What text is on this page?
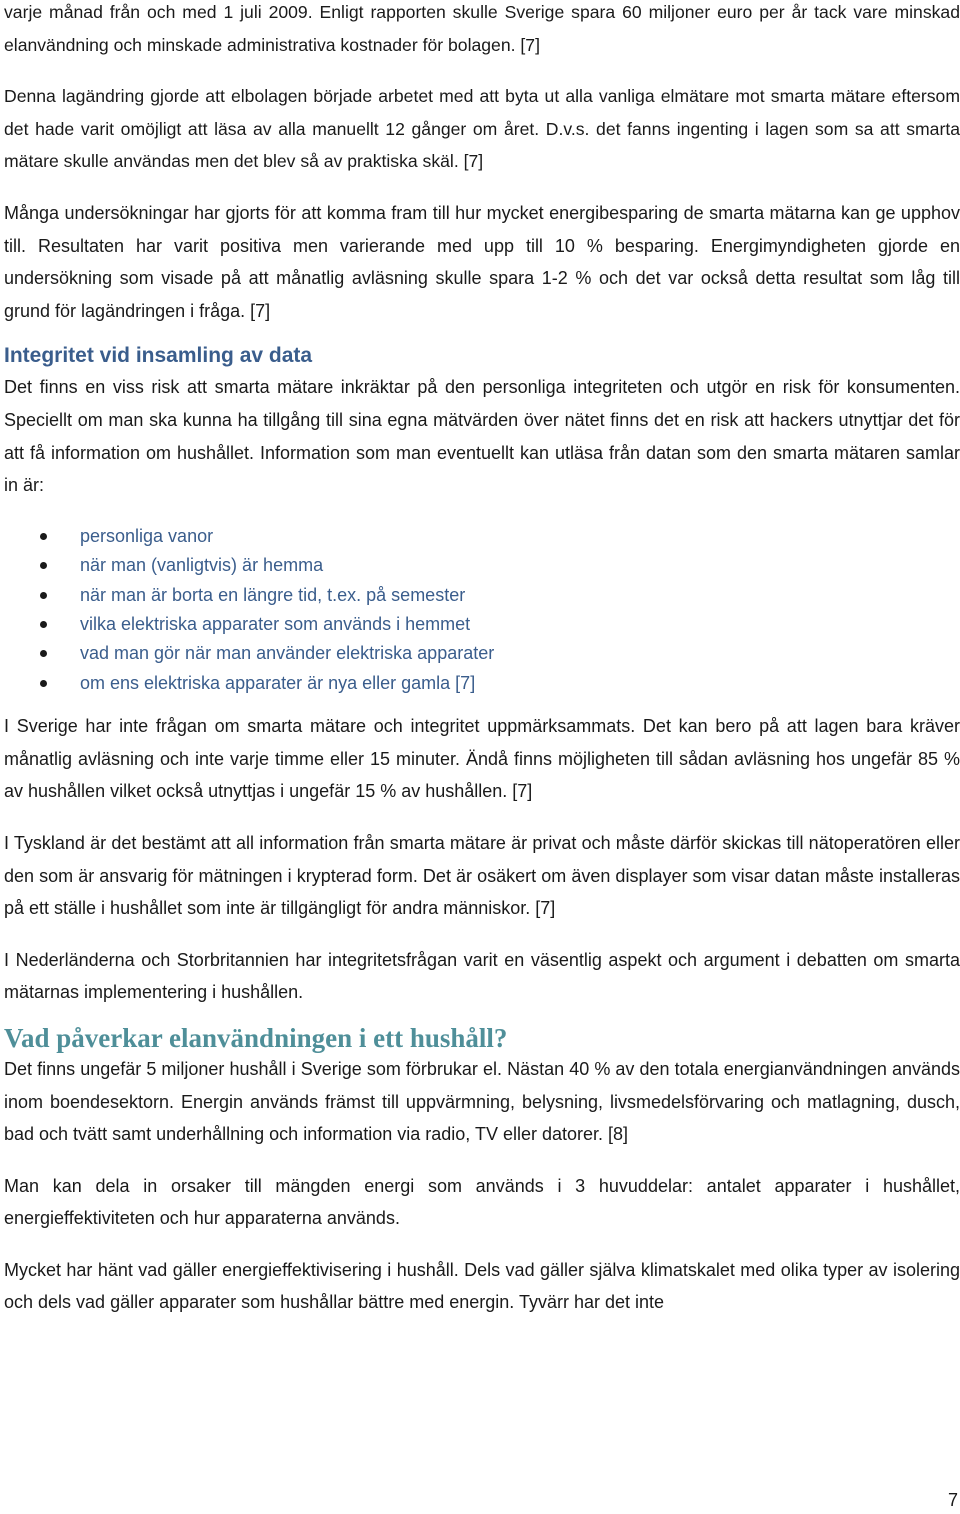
varje månad från och med 1 juli 2009. Enligt rapporten skulle Sverige spara 60 miljoner euro per år tack vare minskad elanvändning och minskade administrativa kostnader för bolagen. [7]

Denna lagändring gjorde att elbolagen började arbetet med att byta ut alla vanliga elmätare mot smarta mätare eftersom det hade varit omöjligt att läsa av alla manuellt 12 gånger om året. D.v.s. det fanns ingenting i lagen som sa att smarta mätare skulle användas men det blev så av praktiska skäl. [7]

Många undersökningar har gjorts för att komma fram till hur mycket energibesparing de smarta mätarna kan ge upphov till. Resultaten har varit positiva men varierande med upp till 10 % besparing. Energimyndigheten gjorde en undersökning som visade på att månatlig avläsning skulle spara 1-2 % och det var också detta resultat som låg till grund för lagändringen i fråga. [7]

Integritet vid insamling av data

Det finns en viss risk att smarta mätare inkräktar på den personliga integriteten och utgör en risk för konsumenten. Speciellt om man ska kunna ha tillgång till sina egna mätvärden över nätet finns det en risk att hackers utnyttjar det för att få information om hushållet. Information som man eventuellt kan utläsa från datan som den smarta mätaren samlar in är:

personliga vanor
när man (vanligtvis) är hemma
när man är borta en längre tid, t.ex. på semester
vilka elektriska apparater som används i hemmet
vad man gör när man använder elektriska apparater
om ens elektriska apparater är nya eller gamla [7]

I Sverige har inte frågan om smarta mätare och integritet uppmärksammats. Det kan bero på att lagen bara kräver månatlig avläsning och inte varje timme eller 15 minuter. Ändå finns möjligheten till sådan avläsning hos ungefär 85 % av hushållen vilket också utnyttjas i ungefär 15 % av hushållen. [7]

I Tyskland är det bestämt att all information från smarta mätare är privat och måste därför skickas till nätoperatören eller den som är ansvarig för mätningen i krypterad form. Det är osäkert om även displayer som visar datan måste installeras på ett ställe i hushållet som inte är tillgängligt för andra människor. [7]

I Nederländerna och Storbritannien har integritetsfrågan varit en väsentlig aspekt och argument i debatten om smarta mätarnas implementering i hushållen.

Vad påverkar elanvändningen i ett hushåll?

Det finns ungefär 5 miljoner hushåll i Sverige som förbrukar el. Nästan 40 % av den totala energianvändningen används inom boendesektorn. Energin används främst till uppvärmning, belysning, livsmedelsförvaring och matlagning, dusch, bad och tvätt samt underhållning och information via radio, TV eller datorer. [8]

Man kan dela in orsaker till mängden energi som används i 3 huvuddelar: antalet apparater i hushållet, energieffektiviteten och hur apparaterna används.

Mycket har hänt vad gäller energieffektivisering i hushåll. Dels vad gäller själva klimatskalet med olika typer av isolering och dels vad gäller apparater som hushållar bättre med energin. Tyvärr har det inte

7
